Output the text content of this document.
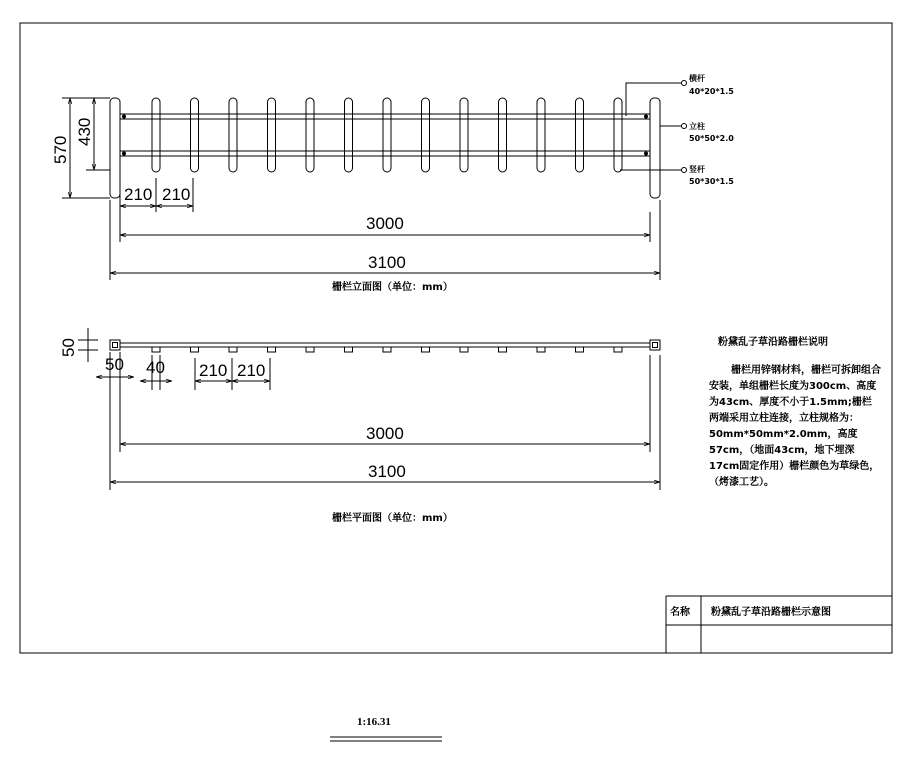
570
430
210 210
3000
3100
栅栏立面图（单位：mm）
横杆
40*20*1.5
立柱
50*50*2.0
竖杆
50*30*1.5
50
50 40 210 210
3000
3100
栅栏平面图（单位：mm）
粉黛乱子草沿路栅栏说明
名称 粉黛乱子草沿路栅栏示意图

栅栏用锌钢材料，栅栏可拆卸组合安装，单组栅栏长度为300cm、高度为43cm、厚度不小于1.5mm;栅栏两端采用立柱连接，立柱规格为：50mm*50mm*2.0mm，高度57cm，（地面43cm，地下埋深17cm固定作用）栅栏颜色为草绿色，（烤漆工艺）。

1:16.31
